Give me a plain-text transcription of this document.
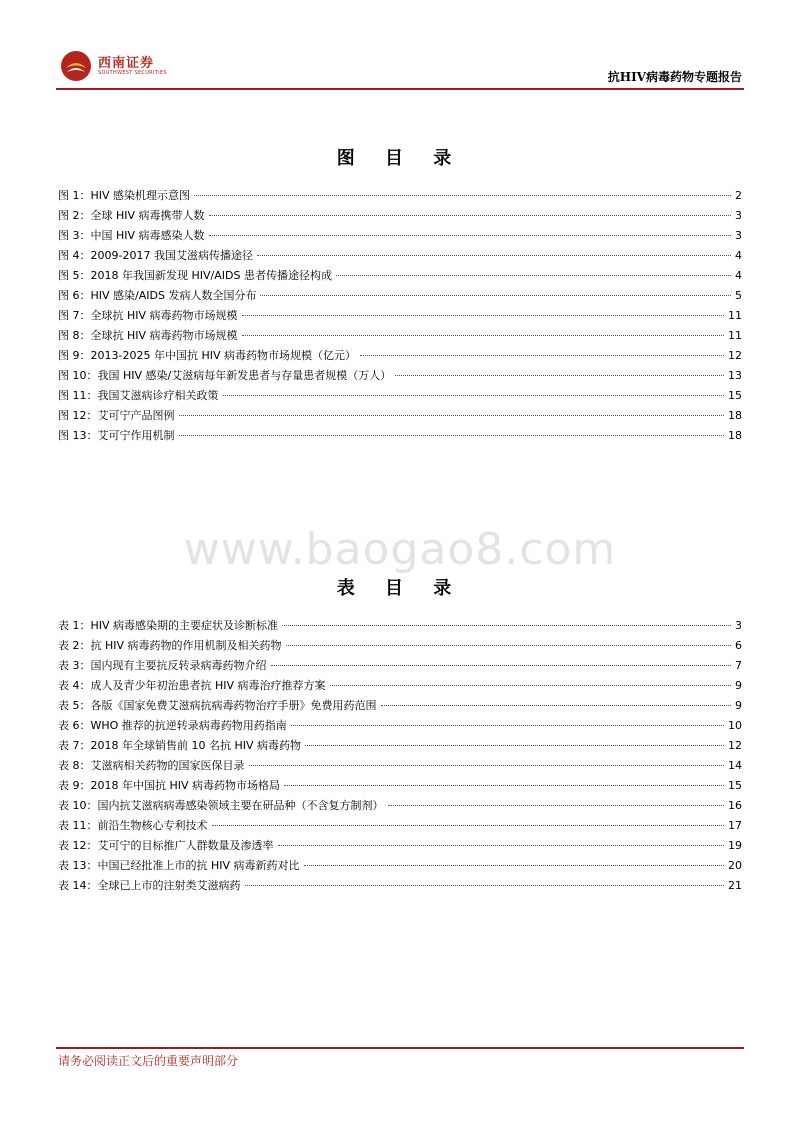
西南证券
SOUTHWEST SECURITIES	抗HIV病毒药物专题报告
图 目 录
图 1：HIV 感染机理示意图	2
图 2：全球 HIV 病毒携带人数	3
图 3：中国 HIV 病毒感染人数	3
图 4：2009-2017 我国艾滋病传播途径	4
图 5：2018 年我国新发现 HIV/AIDS 患者传播途径构成	4
图 6：HIV 感染/AIDS 发病人数全国分布	5
图 7：全球抗 HIV 病毒药物市场规模	11
图 8：全球抗 HIV 病毒药物市场规模	11
图 9：2013-2025 年中国抗 HIV 病毒药物市场规模（亿元）	12
图 10：我国 HIV 感染/艾滋病每年新发患者与存量患者规模（万人）	13
图 11：我国艾滋病诊疗相关政策	15
图 12：艾可宁产品图例	18
图 13：艾可宁作用机制	18
www.baogao8.com
表 目 录
表 1：HIV 病毒感染期的主要症状及诊断标准	3
表 2：抗 HIV 病毒药物的作用机制及相关药物	6
表 3：国内现有主要抗反转录病毒药物介绍	7
表 4：成人及青少年初治患者抗 HIV 病毒治疗推荐方案	9
表 5：各版《国家免费艾滋病抗病毒药物治疗手册》免费用药范围	9
表 6：WHO 推荐的抗逆转录病毒药物用药指南	10
表 7：2018 年全球销售前 10 名抗 HIV 病毒药物	12
表 8：艾滋病相关药物的国家医保目录	14
表 9：2018 年中国抗 HIV 病毒药物市场格局	15
表 10：国内抗艾滋病病毒感染领域主要在研品种（不含复方制剂）	16
表 11：前沿生物核心专利技术	17
表 12：艾可宁的目标推广人群数量及渗透率	19
表 13：中国已经批准上市的抗 HIV 病毒新药对比	20
表 14：全球已上市的注射类艾滋病药	21
请务必阅读正文后的重要声明部分
